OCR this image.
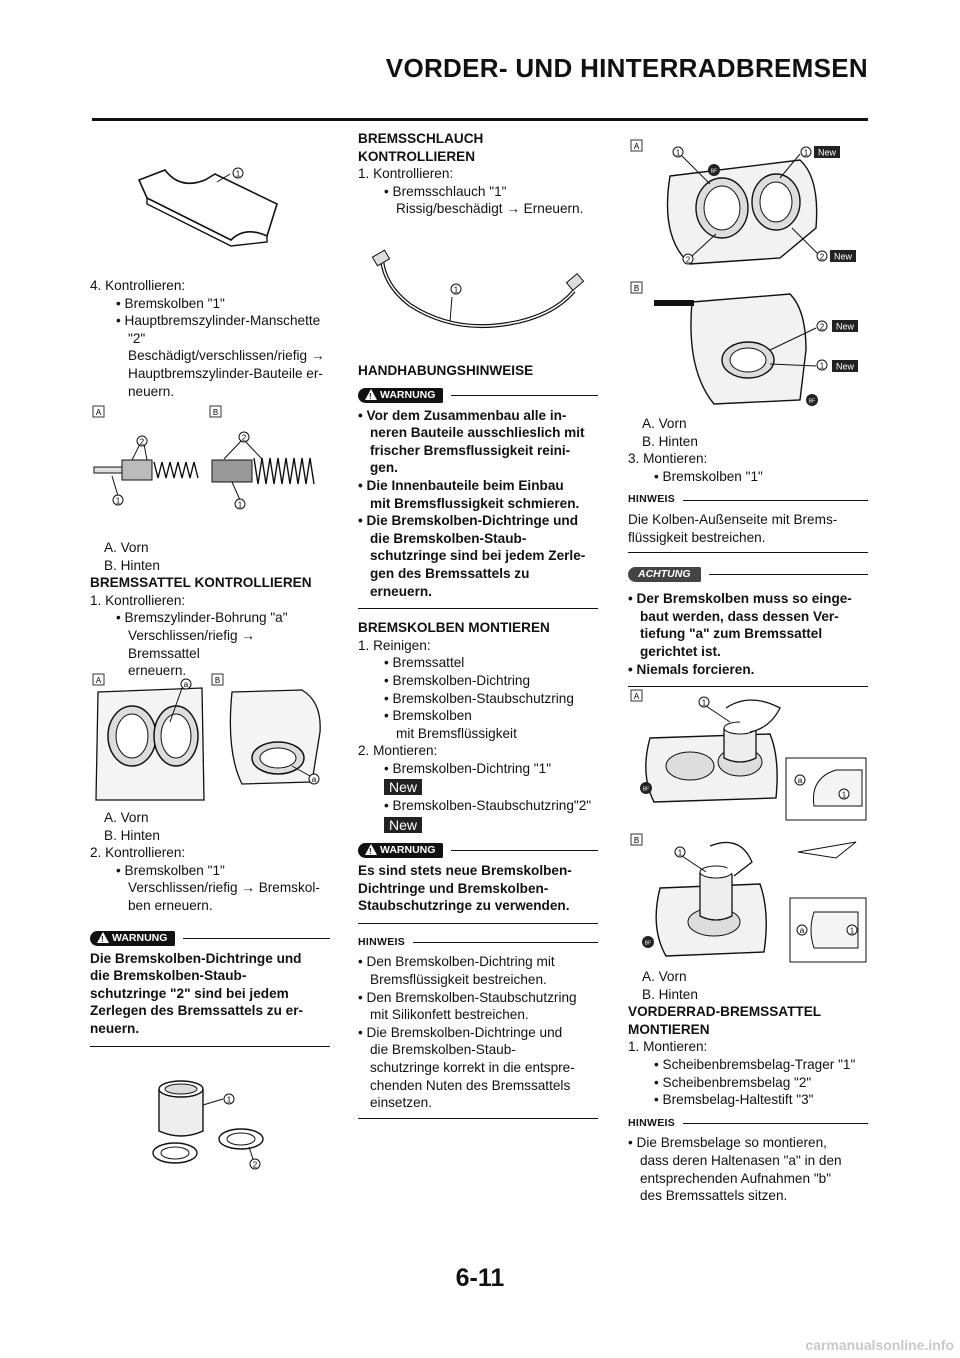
VORDER- UND HINTERRADBREMSEN
1
4. Kontrollieren:
• Bremskolben "1"
• Hauptbremszylinder-Manschette
"2"
Beschädigt/verschlissen/riefig →
Hauptbremszylinder-Bauteile er-
neuern.
A	B
2	2
1	1
A. Vorn
B. Hinten
BREMSSATTEL KONTROLLIEREN
1. Kontrollieren:
• Bremszylinder-Bohrung "a"
Verschlissen/riefig → Bremssattel
erneuern.
A	B
a
a
A. Vorn
B. Hinten
2. Kontrollieren:
• Bremskolben "1"
Verschlissen/riefig → Bremskol-
ben erneuern.
!
WARNUNG
Die Bremskolben-Dichtringe und
die Bremskolben-Staub-
schutzringe "2" sind bei jedem
Zerlegen des Bremssattels zu er-
neuern.
1
2
BREMSSCHLAUCH
KONTROLLIEREN
1. Kontrollieren:
• Bremsschlauch "1"
Rissig/beschädigt → Erneuern.
1
HANDHABUNGSHINWEISE
!
WARNUNG
• Vor dem Zusammenbau alle in-
neren Bauteile ausschlieslich mit
frischer Bremsflussigkeit reini-
gen.
• Die Innenbauteile beim Einbau
mit Bremsflussigkeit schmieren.
• Die Bremskolben-Dichtringe und
die Bremskolben-Staub-
schutzringe sind bei jedem Zerle-
gen des Bremssattels zu
erneuern.
BREMSKOLBEN MONTIEREN
1. Reinigen:
• Bremssattel
• Bremskolben-Dichtring
• Bremskolben-Staubschutzring
• Bremskolben
mit Bremsflüssigkeit
2. Montieren:
• Bremskolben-Dichtring "1"
New
• Bremskolben-Staubschutzring"2"
New
!
WARNUNG
Es sind stets neue Bremskolben-
Dichtringe und Bremskolben-
Staubschutzringe zu verwenden.
HINWEIS
• Den Bremskolben-Dichtring mit
Bremsflüssigkeit bestreichen.
• Den Bremskolben-Staubschutzring
mit Silikonfett bestreichen.
• Die Bremskolben-Dichtringe und
die Bremskolben-Staub-
schutzringe korrekt in die entspre-
chenden Nuten des Bremssattels
einsetzen.
A
BF
1	1 New
2	2 New
B
BF
2 New
1 New
A. Vorn
B. Hinten
3. Montieren:
• Bremskolben "1"
HINWEIS
Die Kolben-Außenseite mit Brems-
flüssigkeit bestreichen.
ACHTUNG
• Der Bremskolben muss so einge-
baut werden, dass dessen Ver-
tiefung "a" zum Bremssattel
gerichtet ist.
• Niemals forcieren.
A
1
BF
a
1
B
1
BF
a	1
A. Vorn
B. Hinten
VORDERRAD-BREMSSATTEL
MONTIEREN
1. Montieren:
• Scheibenbremsbelag-Trager "1"
• Scheibenbremsbelag "2"
• Bremsbelag-Haltestift "3"
HINWEIS
• Die Bremsbelage so montieren,
dass deren Haltenasen "a" in den
entsprechenden Aufnahmen "b"
des Bremssattels sitzen.
6-11
carmanualsonline.info
